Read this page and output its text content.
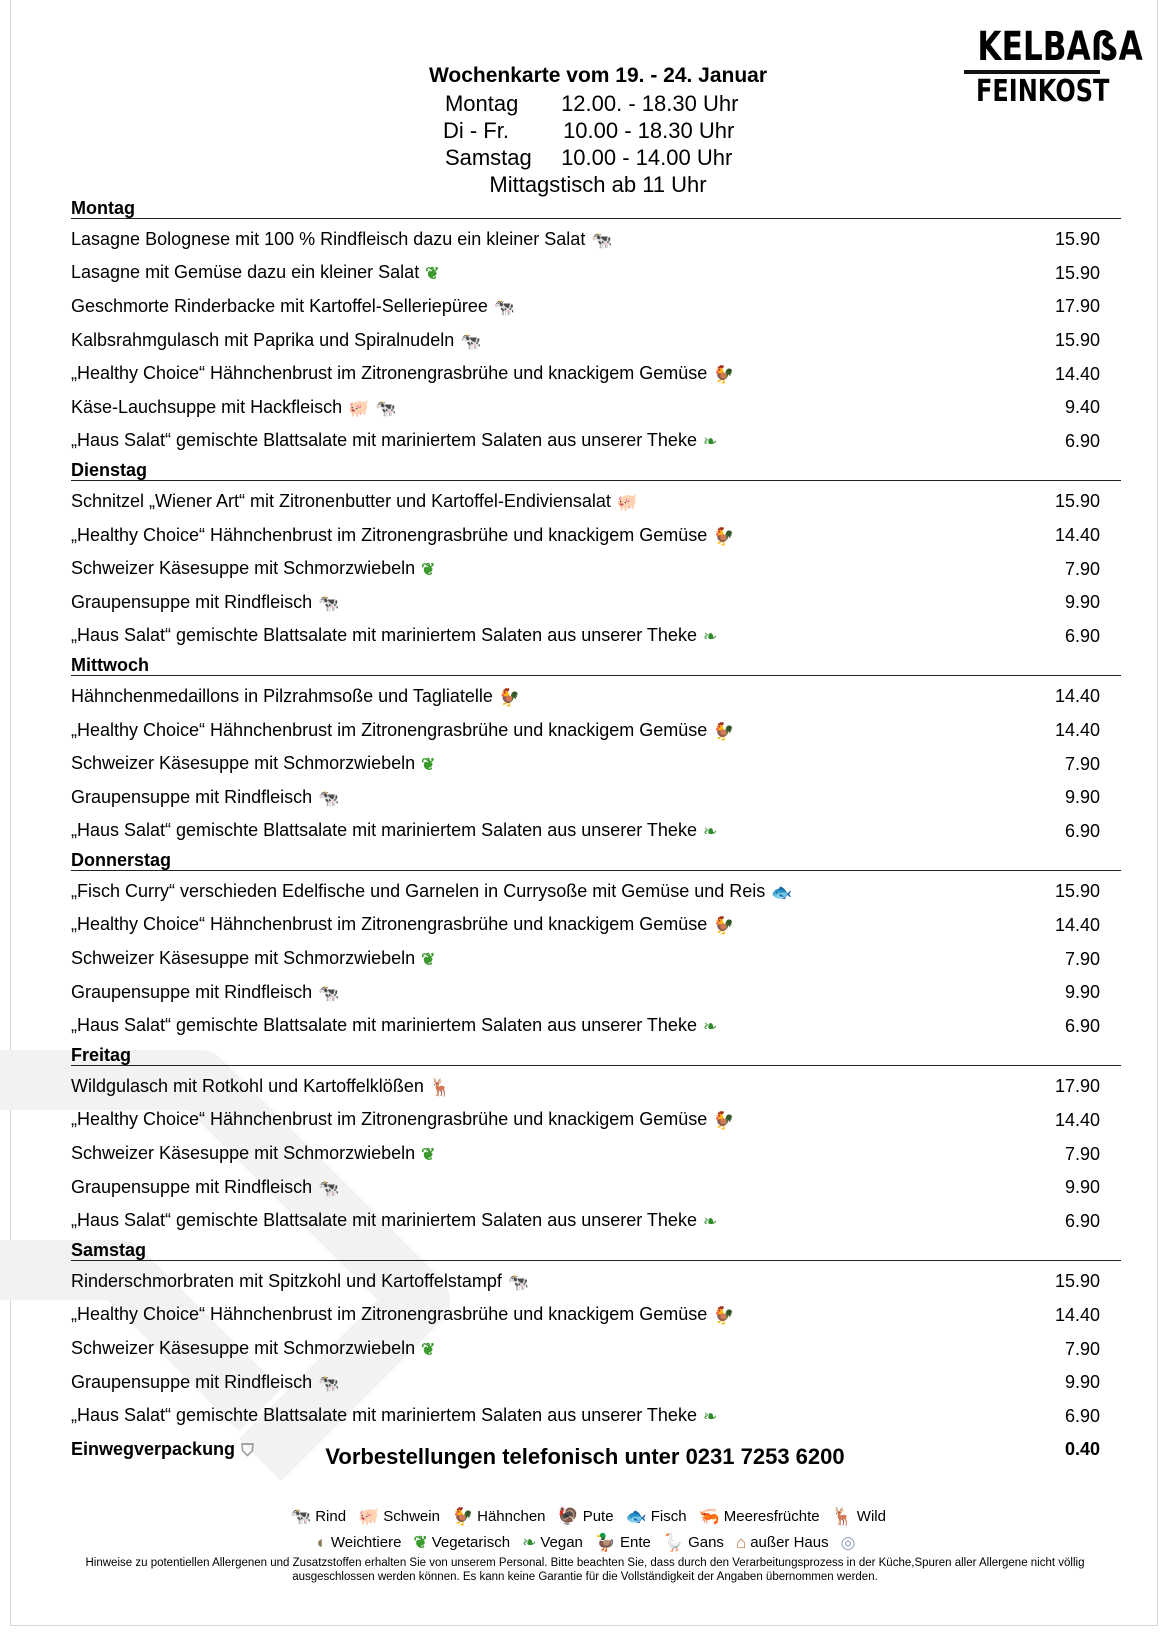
KELBAẞA
FEINKOST
Wochenkarte vom 19. - 24. Januar
Montag 12.00. - 18.30 Uhr
Di - Fr. 10.00 - 18.30 Uhr
Samstag 10.00 - 14.00 Uhr
Mittagstisch ab 11 Uhr
Montag
Lasagne Bolognese mit 100 % Rindfleisch dazu ein kleiner Salat 🐄	15.90
Lasagne mit Gemüse dazu ein kleiner Salat ❦	15.90
Geschmorte Rinderbacke mit Kartoffel-Selleriepüree 🐄	17.90
Kalbsrahmgulasch mit Paprika und Spiralnudeln 🐄	15.90
„Healthy Choice“ Hähnchenbrust im Zitronengrasbrühe und knackigem Gemüse 🐓	14.40
Käse-Lauchsuppe mit Hackfleisch 🐖 🐄	9.40
„Haus Salat“ gemischte Blattsalate mit mariniertem Salaten aus unserer Theke ❧	6.90
Dienstag
Schnitzel „Wiener Art“ mit Zitronenbutter und Kartoffel-Endiviensalat 🐖	15.90
„Healthy Choice“ Hähnchenbrust im Zitronengrasbrühe und knackigem Gemüse 🐓	14.40
Schweizer Käsesuppe mit Schmorzwiebeln ❦	7.90
Graupensuppe mit Rindfleisch 🐄	9.90
„Haus Salat“ gemischte Blattsalate mit mariniertem Salaten aus unserer Theke ❧	6.90
Mittwoch
Hähnchenmedaillons in Pilzrahmsoße und Tagliatelle 🐓	14.40
„Healthy Choice“ Hähnchenbrust im Zitronengrasbrühe und knackigem Gemüse 🐓	14.40
Schweizer Käsesuppe mit Schmorzwiebeln ❦	7.90
Graupensuppe mit Rindfleisch 🐄	9.90
„Haus Salat“ gemischte Blattsalate mit mariniertem Salaten aus unserer Theke ❧	6.90
Donnerstag
„Fisch Curry“ verschieden Edelfische und Garnelen in Currysoße mit Gemüse und Reis 🐟	15.90
„Healthy Choice“ Hähnchenbrust im Zitronengrasbrühe und knackigem Gemüse 🐓	14.40
Schweizer Käsesuppe mit Schmorzwiebeln ❦	7.90
Graupensuppe mit Rindfleisch 🐄	9.90
„Haus Salat“ gemischte Blattsalate mit mariniertem Salaten aus unserer Theke ❧	6.90
Freitag
Wildgulasch mit Rotkohl und Kartoffelklößen 🦌	17.90
„Healthy Choice“ Hähnchenbrust im Zitronengrasbrühe und knackigem Gemüse 🐓	14.40
Schweizer Käsesuppe mit Schmorzwiebeln ❦	7.90
Graupensuppe mit Rindfleisch 🐄	9.90
„Haus Salat“ gemischte Blattsalate mit mariniertem Salaten aus unserer Theke ❧	6.90
Samstag
Rinderschmorbraten mit Spitzkohl und Kartoffelstampf 🐄	15.90
„Healthy Choice“ Hähnchenbrust im Zitronengrasbrühe und knackigem Gemüse 🐓	14.40
Schweizer Käsesuppe mit Schmorzwiebeln ❦	7.90
Graupensuppe mit Rindfleisch 🐄	9.90
„Haus Salat“ gemischte Blattsalate mit mariniertem Salaten aus unserer Theke ❧	6.90
Einwegverpackung ⛉	0.40
Vorbestellungen telefonisch unter 0231 7253 6200
🐄 Rind 🐖 Schwein 🐓 Hähnchen 🦃 Pute 🐟 Fisch 🦐 Meeresfrüchte 🦌 Wild
◐ Weichtiere ❦ Vegetarisch ❧ Vegan 🦆 Ente 🪿 Gans ⌂ außer Haus ◎
Hinweise zu potentiellen Allergenen und Zusatzstoffen erhalten Sie von unserem Personal. Bitte beachten Sie, dass durch den Verarbeitungsprozess in der Küche,Spuren aller Allergene nicht völlig ausgeschlossen werden können. Es kann keine Garantie für die Vollständigkeit der Angaben übernommen werden.
